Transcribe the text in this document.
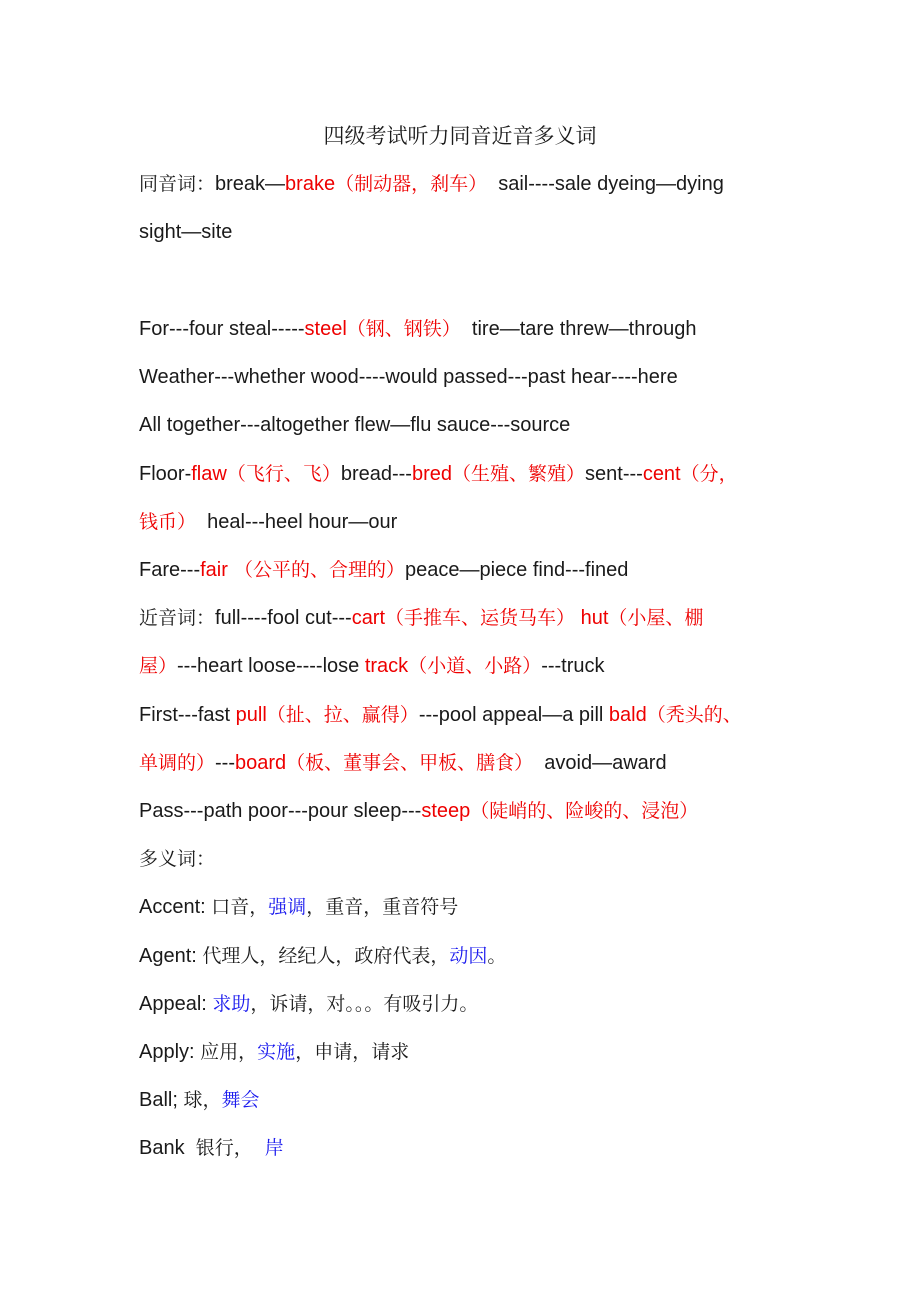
四级考试听力同音近音多义词
同音词：break—brake（制动器，刹车）  sail----sale dyeing—dying
sight—site
For---four steal-----steel（钢、钢铁）  tire—tare threw—through
Weather---whether wood----would passed---past hear----here
All together---altogether flew—flu sauce---source
Floor-flaw（飞行、飞）bread---bred（生殖、繁殖）sent---cent（分，
钱币）  heal---heel hour—our
Fare---fair （公平的、合理的）peace—piece find---fined
近音词：full----fool cut---cart（手推车、运货马车） hut（小屋、棚
屋）---heart loose----lose track（小道、小路）---truck
First---fast pull（扯、拉、赢得）---pool appeal—a pill bald（秃头的、
单调的）---board（板、董事会、甲板、膳食）  avoid—award
Pass---path poor---pour sleep---steep（陡峭的、险峻的、浸泡）
多义词：
Accent: 口音，强调，重音，重音符号
Agent: 代理人，经纪人，政府代表，动因。
Appeal: 求助，诉请，对。。。有吸引力。
Apply: 应用，实施，申请，请求
Ball; 球，舞会
Bank  银行，  岸
